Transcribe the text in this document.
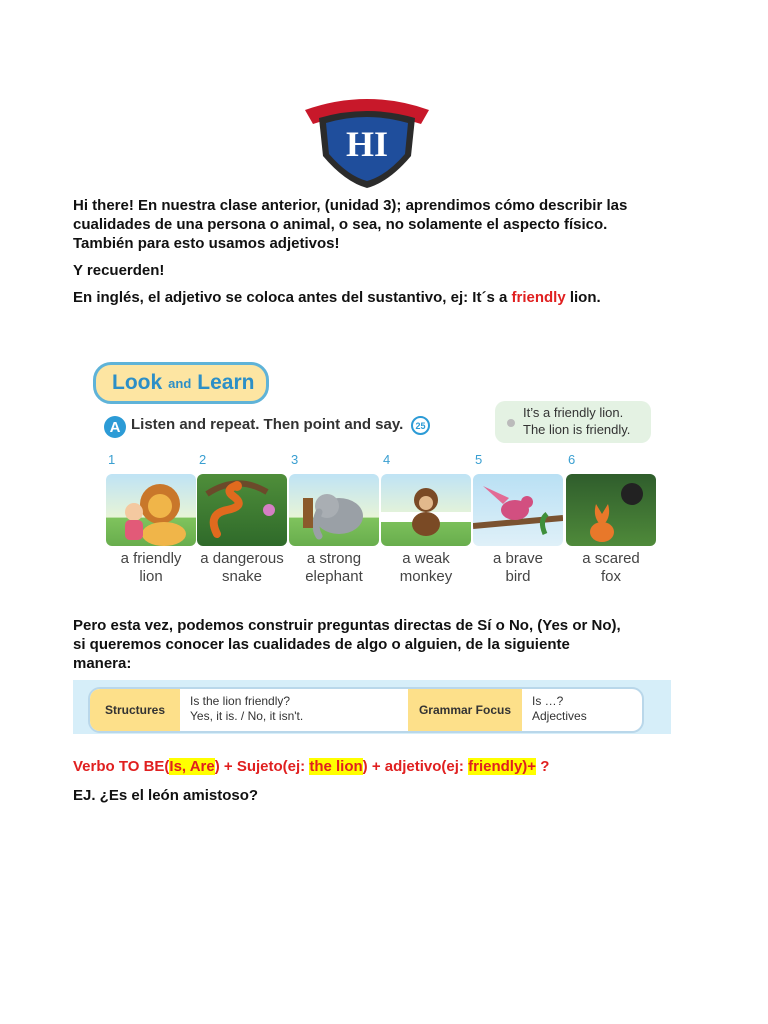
HI

Hi there! En nuestra clase anterior, (unidad 3); aprendimos cómo describir las
cualidades de una persona o animal, o sea, no solamente el aspecto físico.
También para esto usamos adjetivos!

Y recuerden!

En inglés, el adjetivo se coloca antes del sustantivo, ej: It´s a friendly lion.

Look and Learn
A Listen and repeat. Then point and say.	25
It’s a friendly lion.
The lion is friendly.
1
a friendly
lion
2
a dangerous
snake
3
a strong
elephant
4
a weak
monkey
5
a brave
bird
6
a scared
fox

Pero esta vez, podemos construir preguntas directas de Sí o No, (Yes or No),
si queremos conocer las cualidades de algo o alguien, de la siguiente
manera:

Structures
Is the lion friendly?
Yes, it is. / No, it isn't.	Grammar Focus
Is …?
Adjectives

Verbo TO BE(Is, Are) + Sujeto(ej: the lion) + adjetivo(ej: friendly)+ ?

EJ. ¿Es el león amistoso?
